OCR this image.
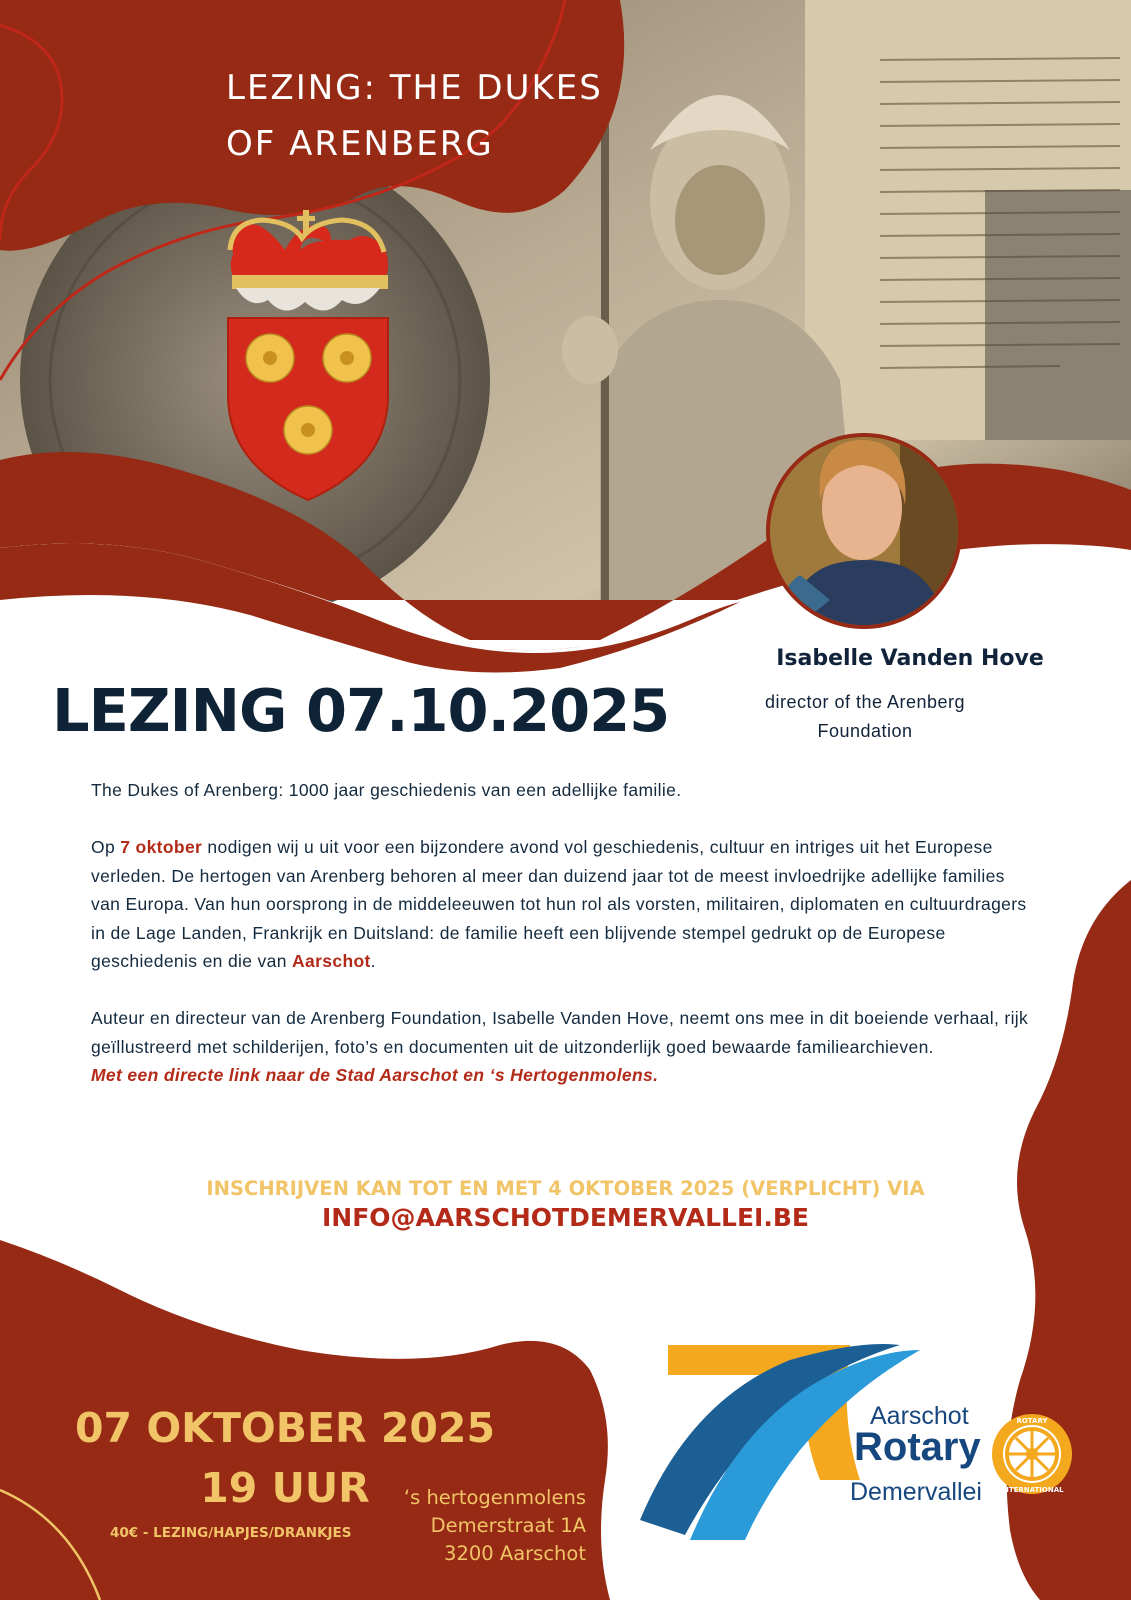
ROTARY
INTERNATIONAL
LEZING: THE DUKES
OF ARENBERG
Isabelle Vanden Hove
director of the Arenberg
Foundation
LEZING 07.10.2025

The Dukes of Arenberg: 1000 jaar geschiedenis van een adellijke familie.

Op 7 oktober nodigen wij u uit voor een bijzondere avond vol geschiedenis, cultuur en intriges uit het Europese verleden. De hertogen van Arenberg behoren al meer dan duizend jaar tot de meest invloedrijke adellijke families van Europa. Van hun oorsprong in de middeleeuwen tot hun rol als vorsten, militairen, diplomaten en cultuurdragers in de Lage Landen, Frankrijk en Duitsland: de familie heeft een blijvende stempel gedrukt op de Europese geschiedenis en die van Aarschot.

Auteur en directeur van de Arenberg Foundation, Isabelle Vanden Hove, neemt ons mee in dit boeiende verhaal, rijk geïllustreerd met schilderijen, foto’s en documenten uit de uitzonderlijk goed bewaarde familiearchieven.

Met een directe link naar de Stad Aarschot en ‘s Hertogenmolens.

INSCHRIJVEN KAN TOT EN MET 4 OKTOBER 2025 (VERPLICHT) VIA
INFO@AARSCHOTDEMERVALLEI.BE
07 OKTOBER 2025
19 UUR
40€ - LEZING/HAPJES/DRANKJES
‘s hertogenmolens
Demerstraat 1A
3200 Aarschot
Aarschot
Rotary
Demervallei
